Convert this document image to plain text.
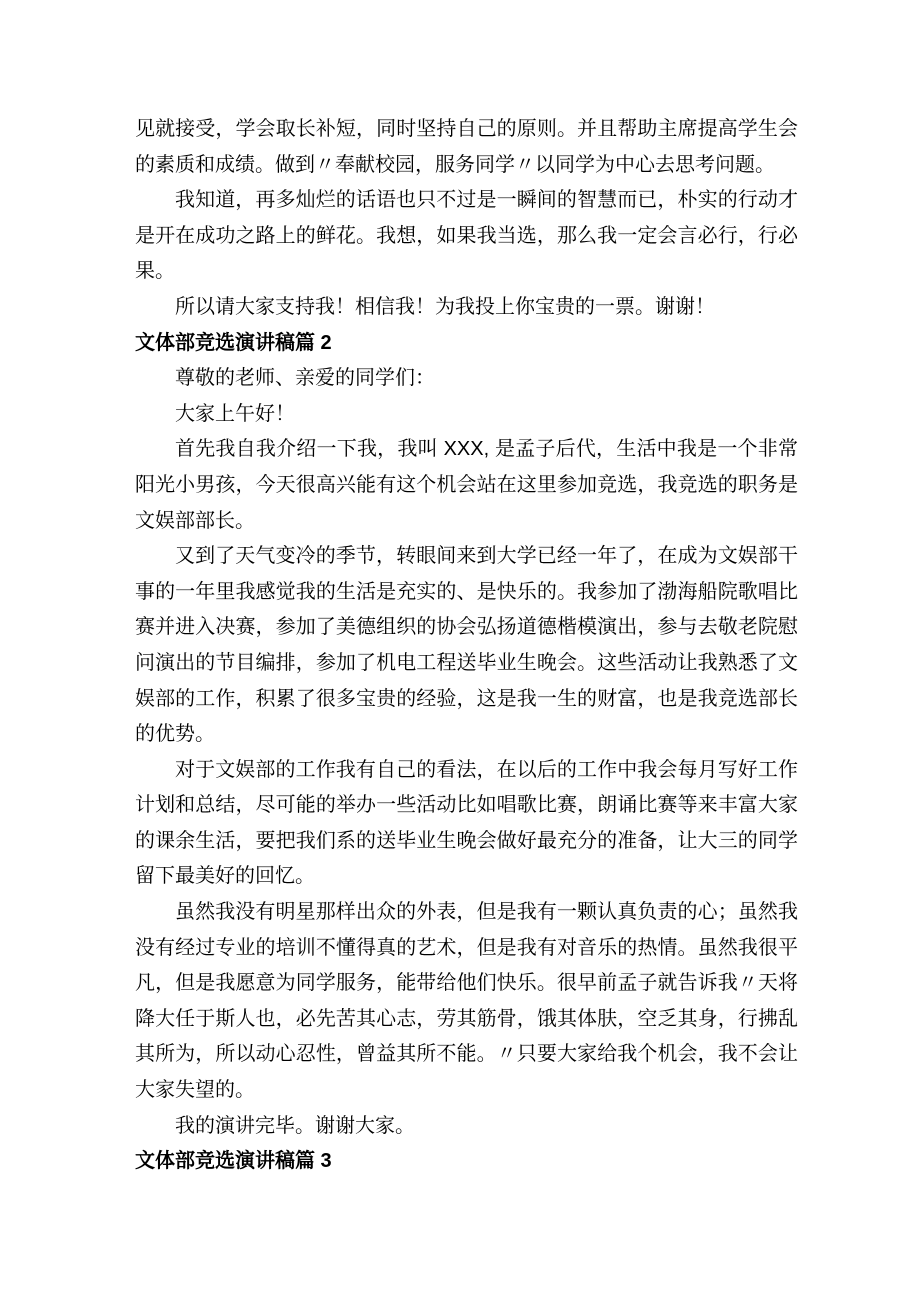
见就接受，学会取长补短，同时坚持自己的原则。并且帮助主席提高学生会的素质和成绩。做到〃奉献校园，服务同学〃以同学为中心去思考问题。

我知道，再多灿烂的话语也只不过是一瞬间的智慧而已，朴实的行动才是开在成功之路上的鲜花。我想，如果我当选，那么我一定会言必行，行必果。

所以请大家支持我！相信我！为我投上你宝贵的一票。谢谢！

文体部竞选演讲稿篇 2

尊敬的老师、亲爱的同学们：

大家上午好！

首先我自我介绍一下我，我叫 XXX, 是孟子后代，生活中我是一个非常阳光小男孩，今天很高兴能有这个机会站在这里参加竞选，我竞选的职务是文娱部部长。

又到了天气变冷的季节，转眼间来到大学已经一年了，在成为文娱部干事的一年里我感觉我的生活是充实的、是快乐的。我参加了渤海船院歌唱比赛并进入决赛，参加了美德组织的协会弘扬道德楷模演出，参与去敬老院慰问演出的节目编排，参加了机电工程送毕业生晚会。这些活动让我熟悉了文娱部的工作，积累了很多宝贵的经验，这是我一生的财富，也是我竞选部长的优势。

对于文娱部的工作我有自己的看法，在以后的工作中我会每月写好工作计划和总结，尽可能的举办一些活动比如唱歌比赛，朗诵比赛等来丰富大家的课余生活，要把我们系的送毕业生晚会做好最充分的准备，让大三的同学留下最美好的回忆。

虽然我没有明星那样出众的外表，但是我有一颗认真负责的心；虽然我没有经过专业的培训不懂得真的艺术，但是我有对音乐的热情。虽然我很平凡，但是我愿意为同学服务，能带给他们快乐。很早前孟子就告诉我〃天将降大任于斯人也，必先苦其心志，劳其筋骨，饿其体肤，空乏其身，行拂乱其所为，所以动心忍性，曾益其所不能。〃只要大家给我个机会，我不会让大家失望的。

我的演讲完毕。谢谢大家。

文体部竞选演讲稿篇 3
